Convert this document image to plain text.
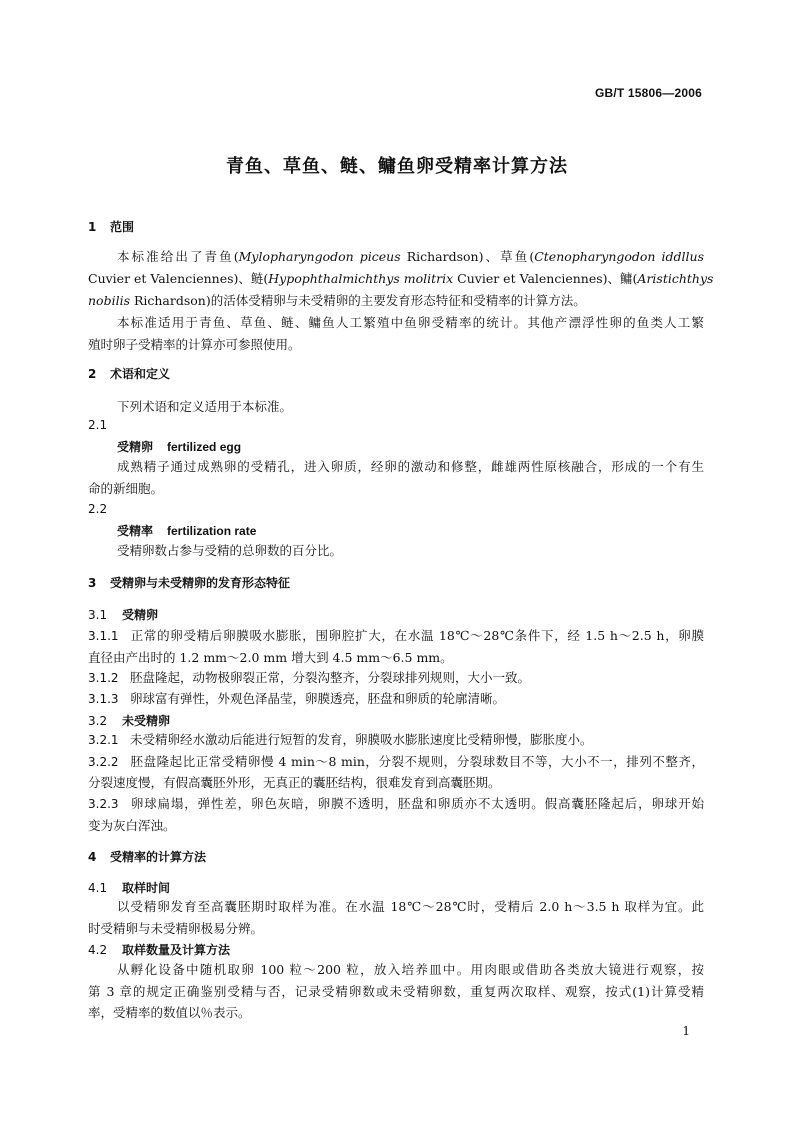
GB/T 15806—2006
青鱼、草鱼、鲢、鳙鱼卵受精率计算方法
1 范围
本标准给出了青鱼(Mylopharyngodon piceus Richardson)、草鱼(Ctenopharyngodon iddllus
Cuvier et Valenciennes)、鲢(Hypophthalmichthys molitrix Cuvier et Valenciennes)、鳙(Aristichthys
nobilis Richardson)的活体受精卵与未受精卵的主要发育形态特征和受精率的计算方法。
本标准适用于青鱼、草鱼、鲢、鳙鱼人工繁殖中鱼卵受精率的统计。其他产漂浮性卵的鱼类人工繁
殖时卵子受精率的计算亦可参照使用。
2 术语和定义
下列术语和定义适用于本标准。
2.1
受精卵 fertilized egg
成熟精子通过成熟卵的受精孔，进入卵质，经卵的激动和修整，雌雄两性原核融合，形成的一个有生
命的新细胞。
2.2
受精率 fertilization rate
受精卵数占参与受精的总卵数的百分比。
3 受精卵与未受精卵的发育形态特征
3.1 受精卵
3.1.1 正常的卵受精后卵膜吸水膨胀，围卵腔扩大，在水温 18℃～28℃条件下，经 1.5 h～2.5 h，卵膜
直径由产出时的 1.2 mm～2.0 mm 增大到 4.5 mm～6.5 mm。
3.1.2 胚盘隆起，动物极卵裂正常，分裂沟整齐，分裂球排列规则，大小一致。
3.1.3 卵球富有弹性，外观色泽晶莹，卵膜透亮，胚盘和卵质的轮廓清晰。
3.2 未受精卵
3.2.1 未受精卵经水激动后能进行短暂的发育，卵膜吸水膨胀速度比受精卵慢，膨胀度小。
3.2.2 胚盘隆起比正常受精卵慢 4 min～8 min，分裂不规则，分裂球数目不等，大小不一，排列不整齐，
分裂速度慢，有假高囊胚外形，无真正的囊胚结构，很难发育到高囊胚期。
3.2.3 卵球扁塌，弹性差，卵色灰暗，卵膜不透明，胚盘和卵质亦不太透明。假高囊胚隆起后，卵球开始
变为灰白浑浊。
4 受精率的计算方法
4.1 取样时间
以受精卵发育至高囊胚期时取样为准。在水温 18℃～28℃时，受精后 2.0 h～3.5 h 取样为宜。此
时受精卵与未受精卵极易分辨。
4.2 取样数量及计算方法
从孵化设备中随机取卵 100 粒～200 粒，放入培养皿中。用肉眼或借助各类放大镜进行观察，按
第 3 章的规定正确鉴别受精与否，记录受精卵数或未受精卵数，重复两次取样、观察，按式(1)计算受精
率，受精率的数值以％表示。
1
